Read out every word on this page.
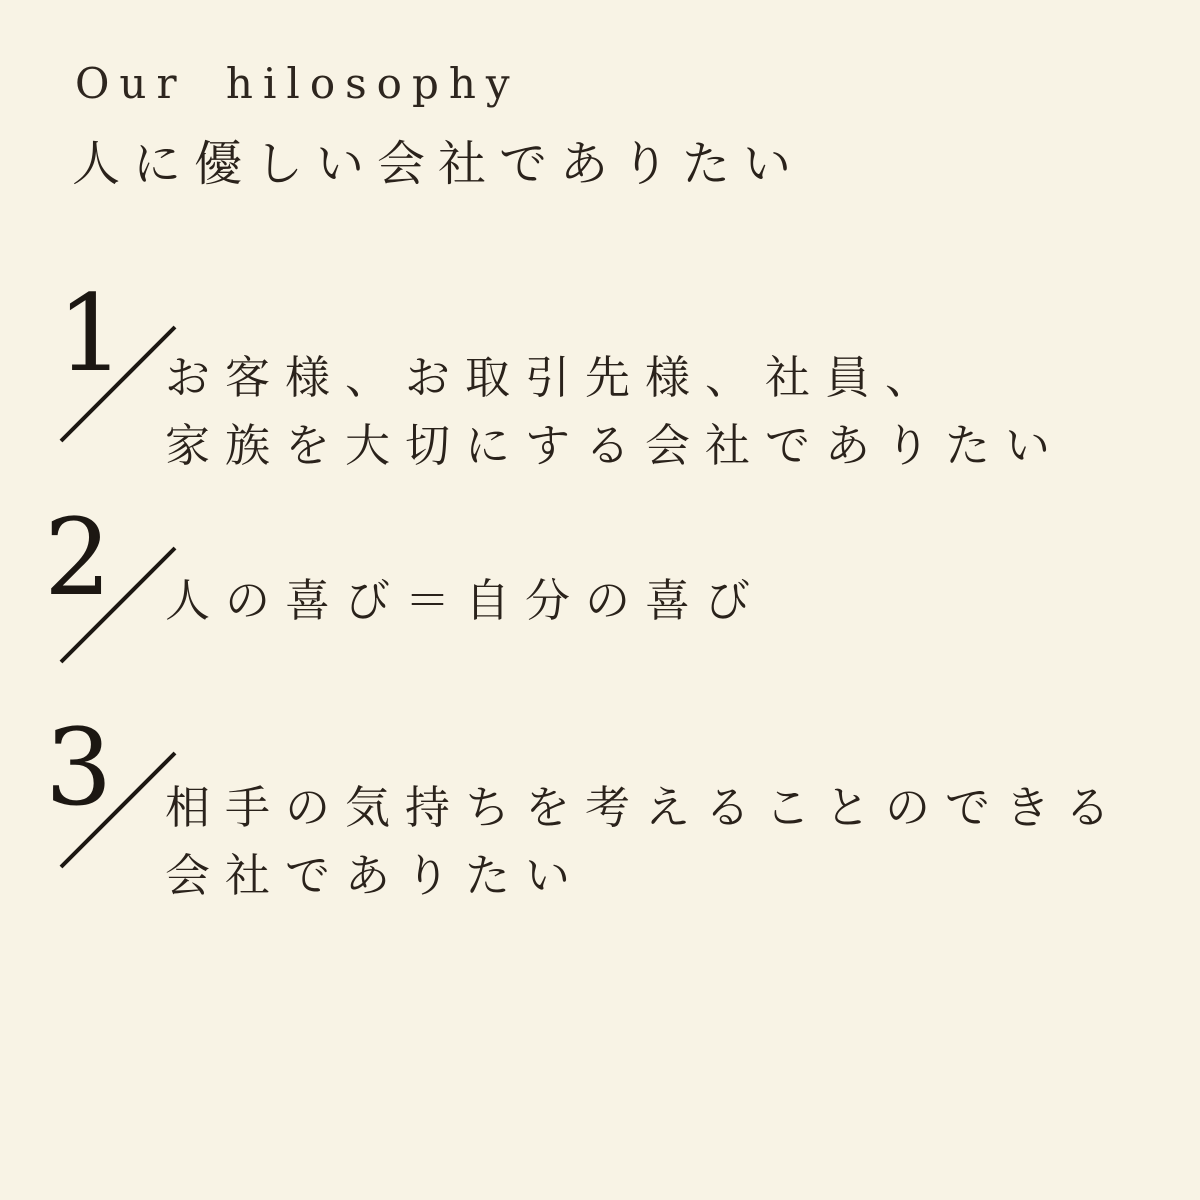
Our hilosophy
人に優しい会社でありたい
1 お客様、お取引先様、社員、
家族を大切にする会社でありたい
2 人の喜び＝自分の喜び
3 相手の気持ちを考えることのできる
会社でありたい
